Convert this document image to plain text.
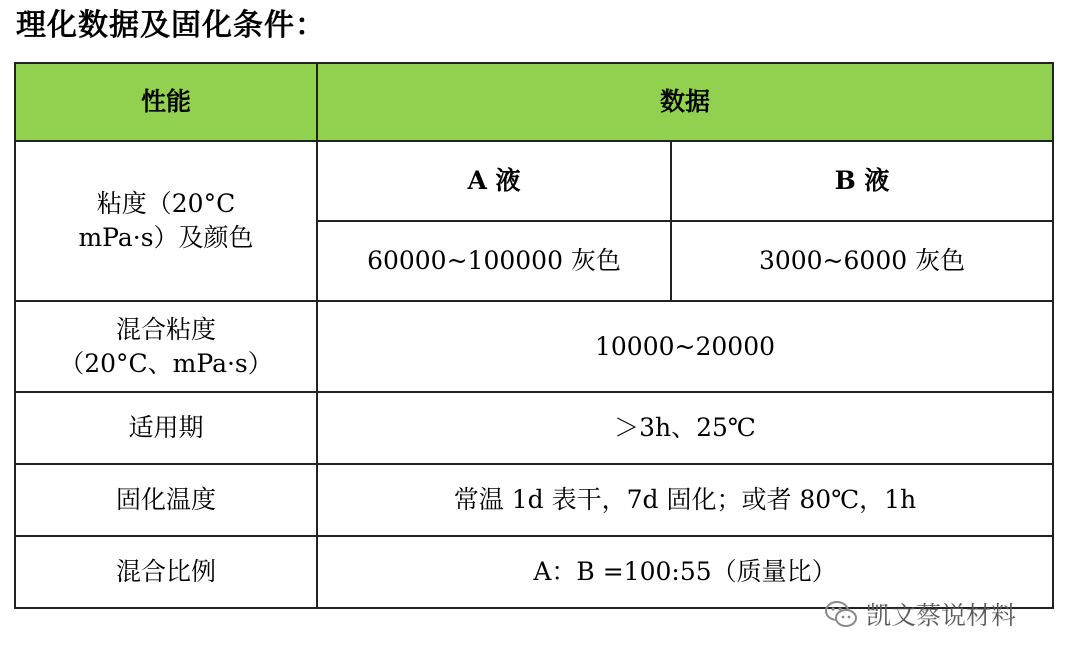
理化数据及固化条件：
性能	数据	

粘度（20°C
mPa·s）及颜色	A 液	B 液
	60000~100000 灰色	3000~6000 灰色

混合粘度
（20°C、mPa·s）	10000~20000	
适用期	＞3h、25℃	
固化温度	常温 1d 表干，7d 固化；或者 80℃，1h	
混合比例	A：B =100:55（质量比）	
凯文蔡说材料
